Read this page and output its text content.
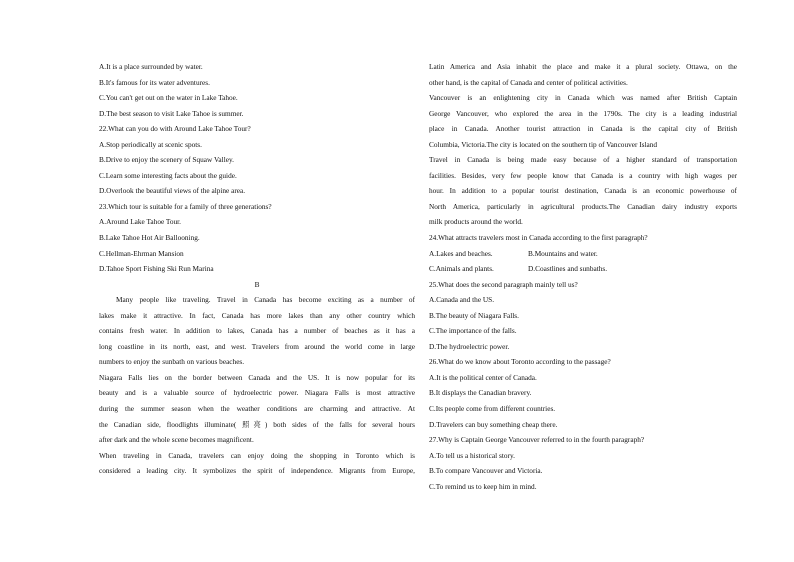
A.It is a place surrounded by water.
B.It's famous for its water adventures.
C.You can't get out on the water in Lake Tahoe.
D.The best season to visit Lake Tahoe is summer.
22.What can you do with Around Lake Tahoe Tour?
A.Stop periodically at scenic spots.
B.Drive to enjoy the scenery of Squaw Valley.
C.Learn some interesting facts about the guide.
D.Overlook the beautiful views of the alpine area.
23.Which tour is suitable for a family of three generations?
A.Around Lake Tahoe Tour.
B.Lake Tahoe Hot Air Ballooning.
C.Hellman-Ehrman Mansion
D.Tahoe Sport Fishing Ski Run Marina
B
Many people like traveling. Travel in Canada has become exciting as a number of
lakes make it attractive. In fact, Canada has more lakes than any other country which
contains fresh water. In addition to lakes, Canada has a number of beaches as it has a
long coastline in its north, east, and west. Travelers from around the world come in large
numbers to enjoy the sunbath on various beaches.
Niagara Falls lies on the border between Canada and the US. It is now popular for its
beauty and is a valuable source of hydroelectric power. Niagara Falls is most attractive
during the summer season when the weather conditions are charming and attractive. At
the Canadian side, floodlights illuminate( 照亮) both sides of the falls for several hours
after dark and the whole scene becomes magnificent.
When traveling in Canada, travelers can enjoy doing the shopping in Toronto which is
considered a leading city. It symbolizes the spirit of independence. Migrants from Europe,
Latin America and Asia inhabit the place and make it a plural society. Ottawa, on the
other hand, is the capital of Canada and center of political activities.
Vancouver is an enlightening city in Canada which was named after British Captain
George Vancouver, who explored the area in the 1790s. The city is a leading industrial
place in Canada. Another tourist attraction in Canada is the capital city of British
Columbia, Victoria.The city is located on the southern tip of Vancouver Island
Travel in Canada is being made easy because of a higher standard of transportation
facilities. Besides, very few people know that Canada is a country with high wages per
hour. In addition to a popular tourist destination, Canada is an economic powerhouse of
North America, particularly in agricultural products.The Canadian dairy industry exports
milk products around the world.
24.What attracts travelers most in Canada according to the first paragraph?
A.Lakes and beaches.	B.Mountains and water.
C.Animals and plants.	D.Coastlines and sunbaths.
25.What does the second paragraph mainly tell us?
A.Canada and the US.
B.The beauty of Niagara Falls.
C.The importance of the falls.
D.The hydroelectric power.
26.What do we know about Toronto according to the passage?
A.It is the political center of Canada.
B.It displays the Canadian bravery.
C.Its people come from different countries.
D.Travelers can buy something cheap there.
27.Why is Captain George Vancouver referred to in the fourth paragraph?
A.To tell us a historical story.
B.To compare Vancouver and Victoria.
C.To remind us to keep him in mind.
